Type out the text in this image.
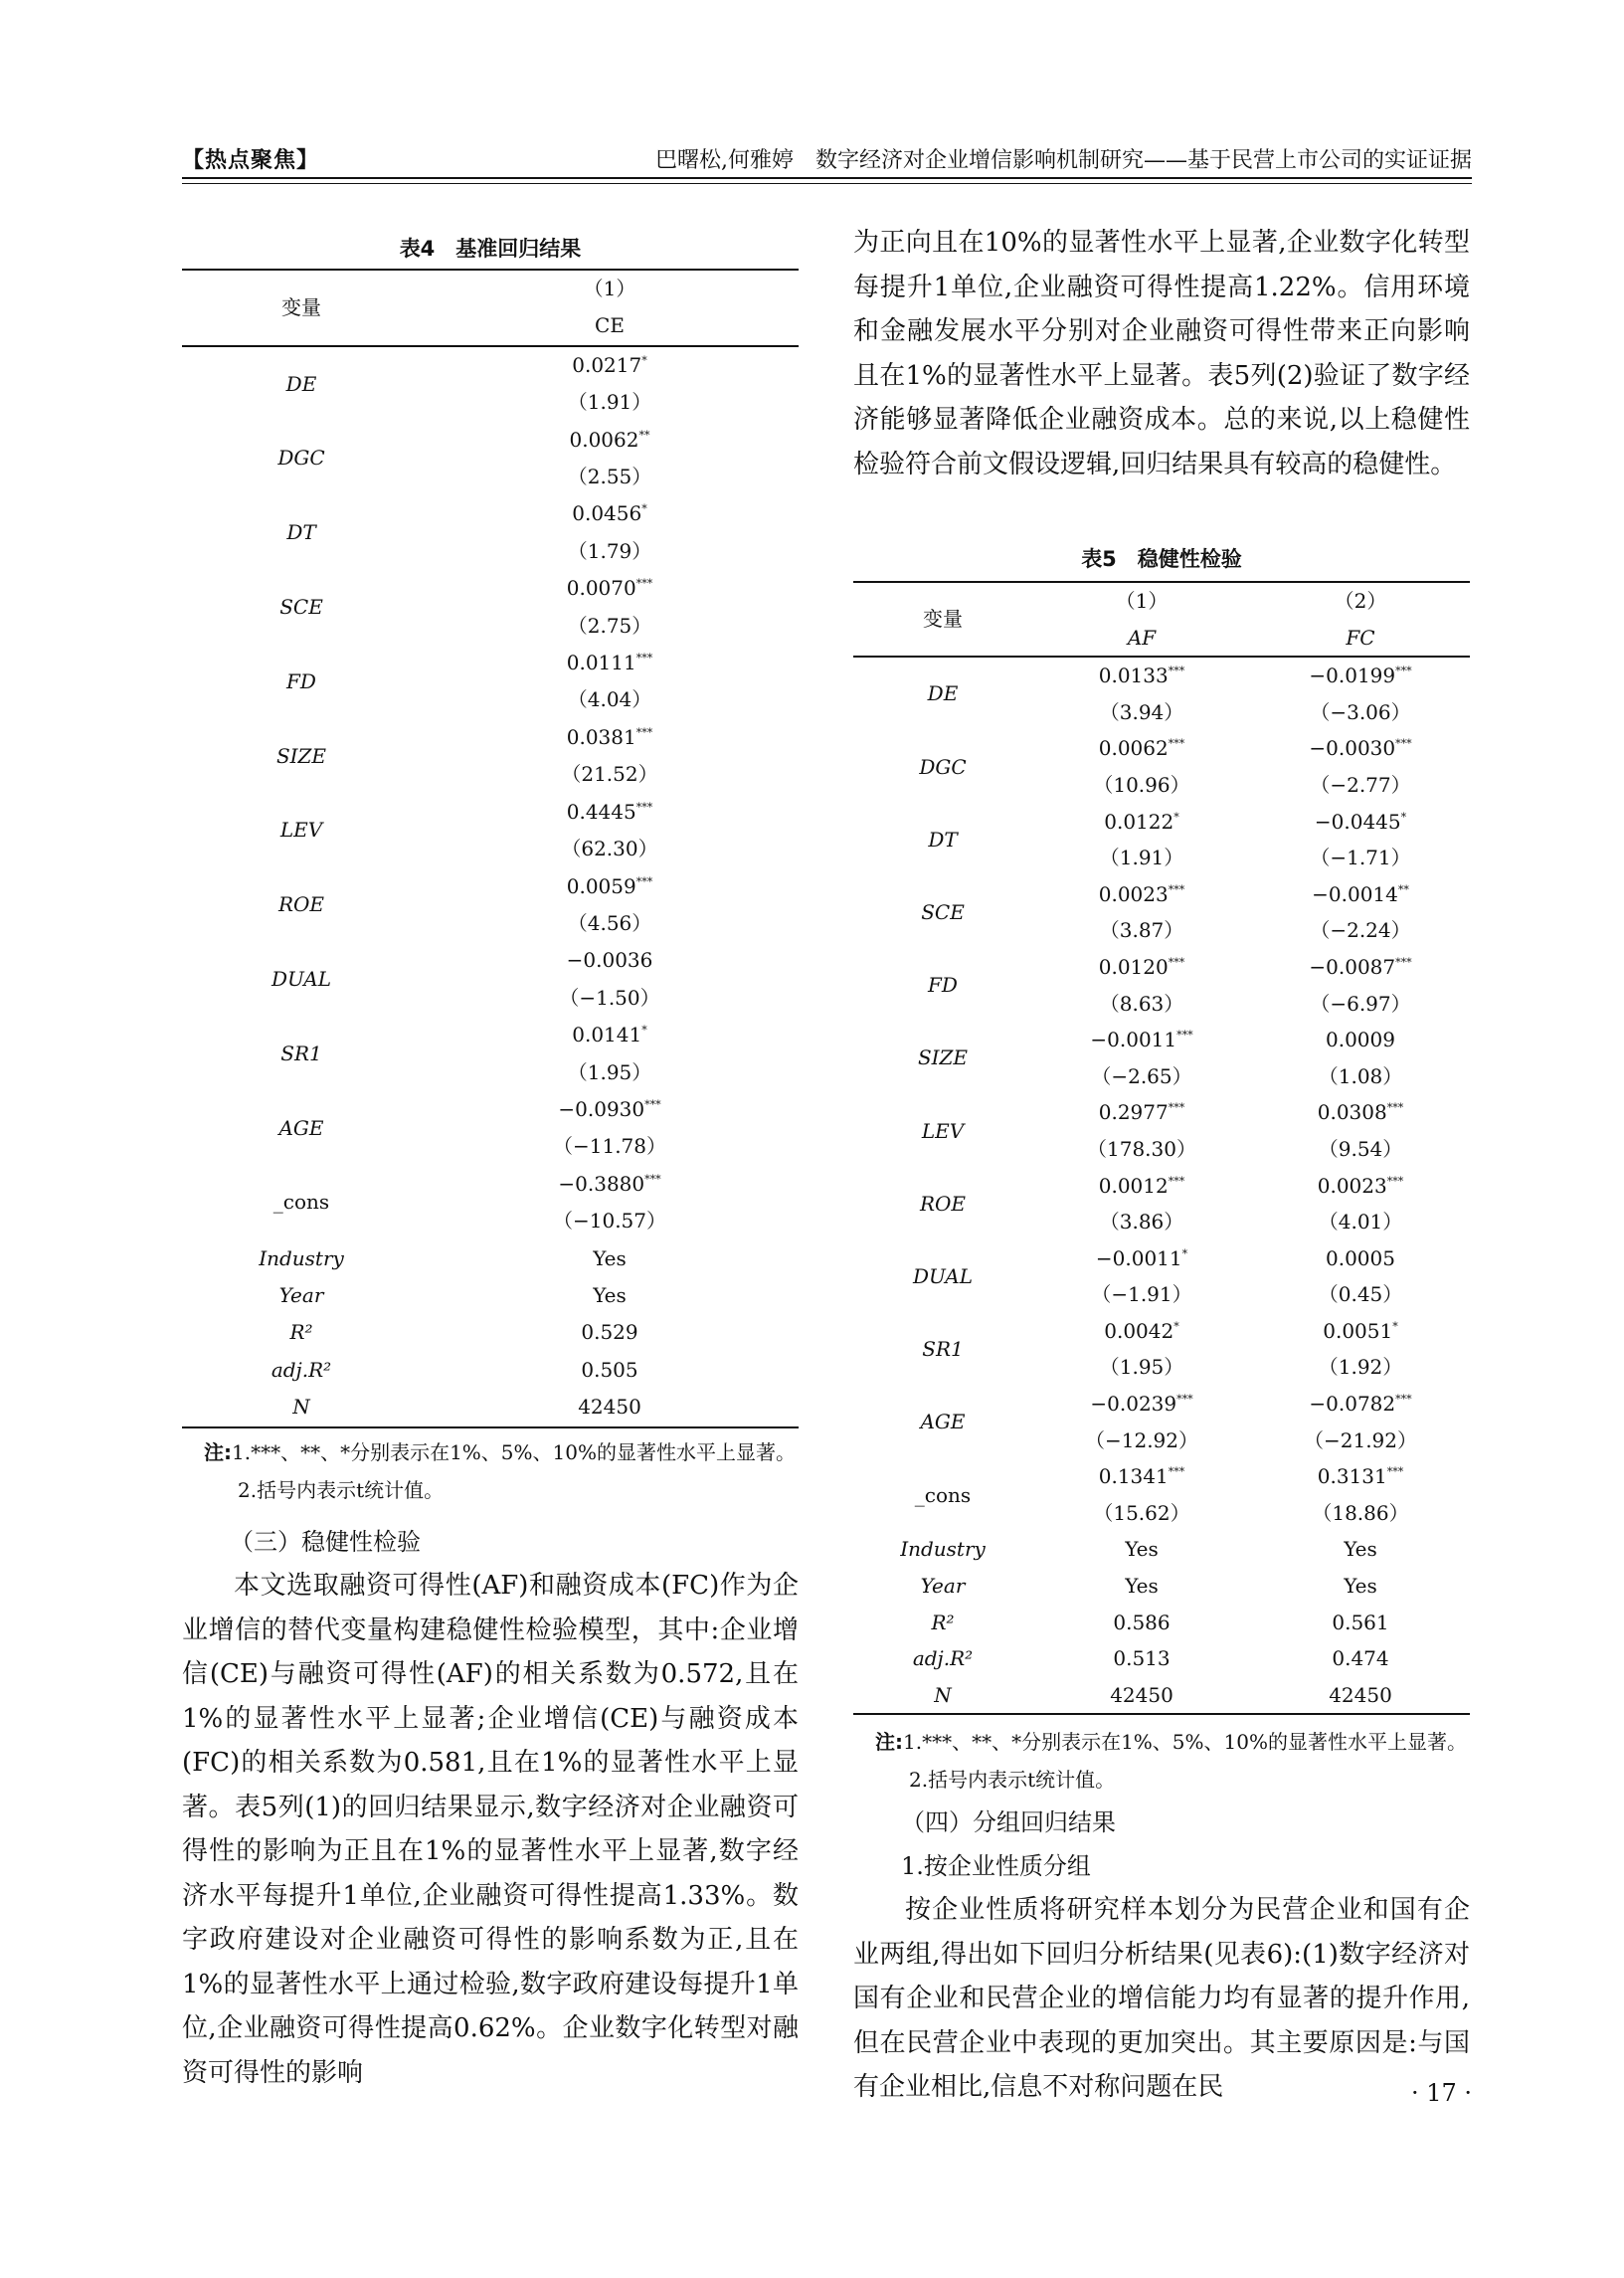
【热点聚焦】	巴曙松,何雅婷　数字经济对企业增信影响机制研究——基于民营上市公司的实证证据
表4　基准回归结果
变量	（1）
	CE
DE	0.0217*
	（1.91）
DGC	0.0062**
	（2.55）
DT	0.0456*
	（1.79）
SCE	0.0070***
	（2.75）
FD	0.0111***
	（4.04）
SIZE	0.0381***
	（21.52）
LEV	0.4445***
	（62.30）
ROE	0.0059***
	（4.56）
DUAL	−0.0036
	（−1.50）
SR1	0.0141*
	（1.95）
AGE	−0.0930***
	（−11.78）
_cons	−0.3880***
	（−10.57）
Industry	Yes
Year	Yes
R²	0.529
adj.R²	0.505
N	42450
注:1.***、**、*分别表示在1%、5%、10%的显著性水平上显著。
2.括号内表示t统计值。
（三）稳健性检验

本文选取融资可得性(AF)和融资成本(FC)作为企业增信的替代变量构建稳健性检验模型，其中:企业增信(CE)与融资可得性(AF)的相关系数为0.572,且在1%的显著性水平上显著;企业增信(CE)与融资成本(FC)的相关系数为0.581,且在1%的显著性水平上显著。表5列(1)的回归结果显示,数字经济对企业融资可得性的影响为正且在1%的显著性水平上显著,数字经济水平每提升1单位,企业融资可得性提高1.33%。数字政府建设对企业融资可得性的影响系数为正,且在1%的显著性水平上通过检验,数字政府建设每提升1单位,企业融资可得性提高0.62%。企业数字化转型对融资可得性的影响

为正向且在10%的显著性水平上显著,企业数字化转型每提升1单位,企业融资可得性提高1.22%。信用环境和金融发展水平分别对企业融资可得性带来正向影响且在1%的显著性水平上显著。表5列(2)验证了数字经济能够显著降低企业融资成本。总的来说,以上稳健性检验符合前文假设逻辑,回归结果具有较高的稳健性。

表5　稳健性检验
变量	（1）	（2）
	AF	FC
DE	0.0133***	−0.0199***
	（3.94）	（−3.06）
DGC	0.0062***	−0.0030***
	（10.96）	（−2.77）
DT	0.0122*	−0.0445*
	（1.91）	（−1.71）
SCE	0.0023***	−0.0014**
	（3.87）	（−2.24）
FD	0.0120***	−0.0087***
	（8.63）	（−6.97）
SIZE	−0.0011***	0.0009
	（−2.65）	（1.08）
LEV	0.2977***	0.0308***
	（178.30）	（9.54）
ROE	0.0012***	0.0023***
	（3.86）	（4.01）
DUAL	−0.0011*	0.0005
	（−1.91）	（0.45）
SR1	0.0042*	0.0051*
	（1.95）	（1.92）
AGE	−0.0239***	−0.0782***
	（−12.92）	（−21.92）
_cons	0.1341***	0.3131***
	（15.62）	（18.86）
Industry	Yes	Yes
Year	Yes	Yes
R²	0.586	0.561
adj.R²	0.513	0.474
N	42450	42450
注:1.***、**、*分别表示在1%、5%、10%的显著性水平上显著。
2.括号内表示t统计值。
（四）分组回归结果
1.按企业性质分组

按企业性质将研究样本划分为民营企业和国有企业两组,得出如下回归分析结果(见表6):(1)数字经济对国有企业和民营企业的增信能力均有显著的提升作用,但在民营企业中表现的更加突出。其主要原因是:与国有企业相比,信息不对称问题在民	· 17 ·
